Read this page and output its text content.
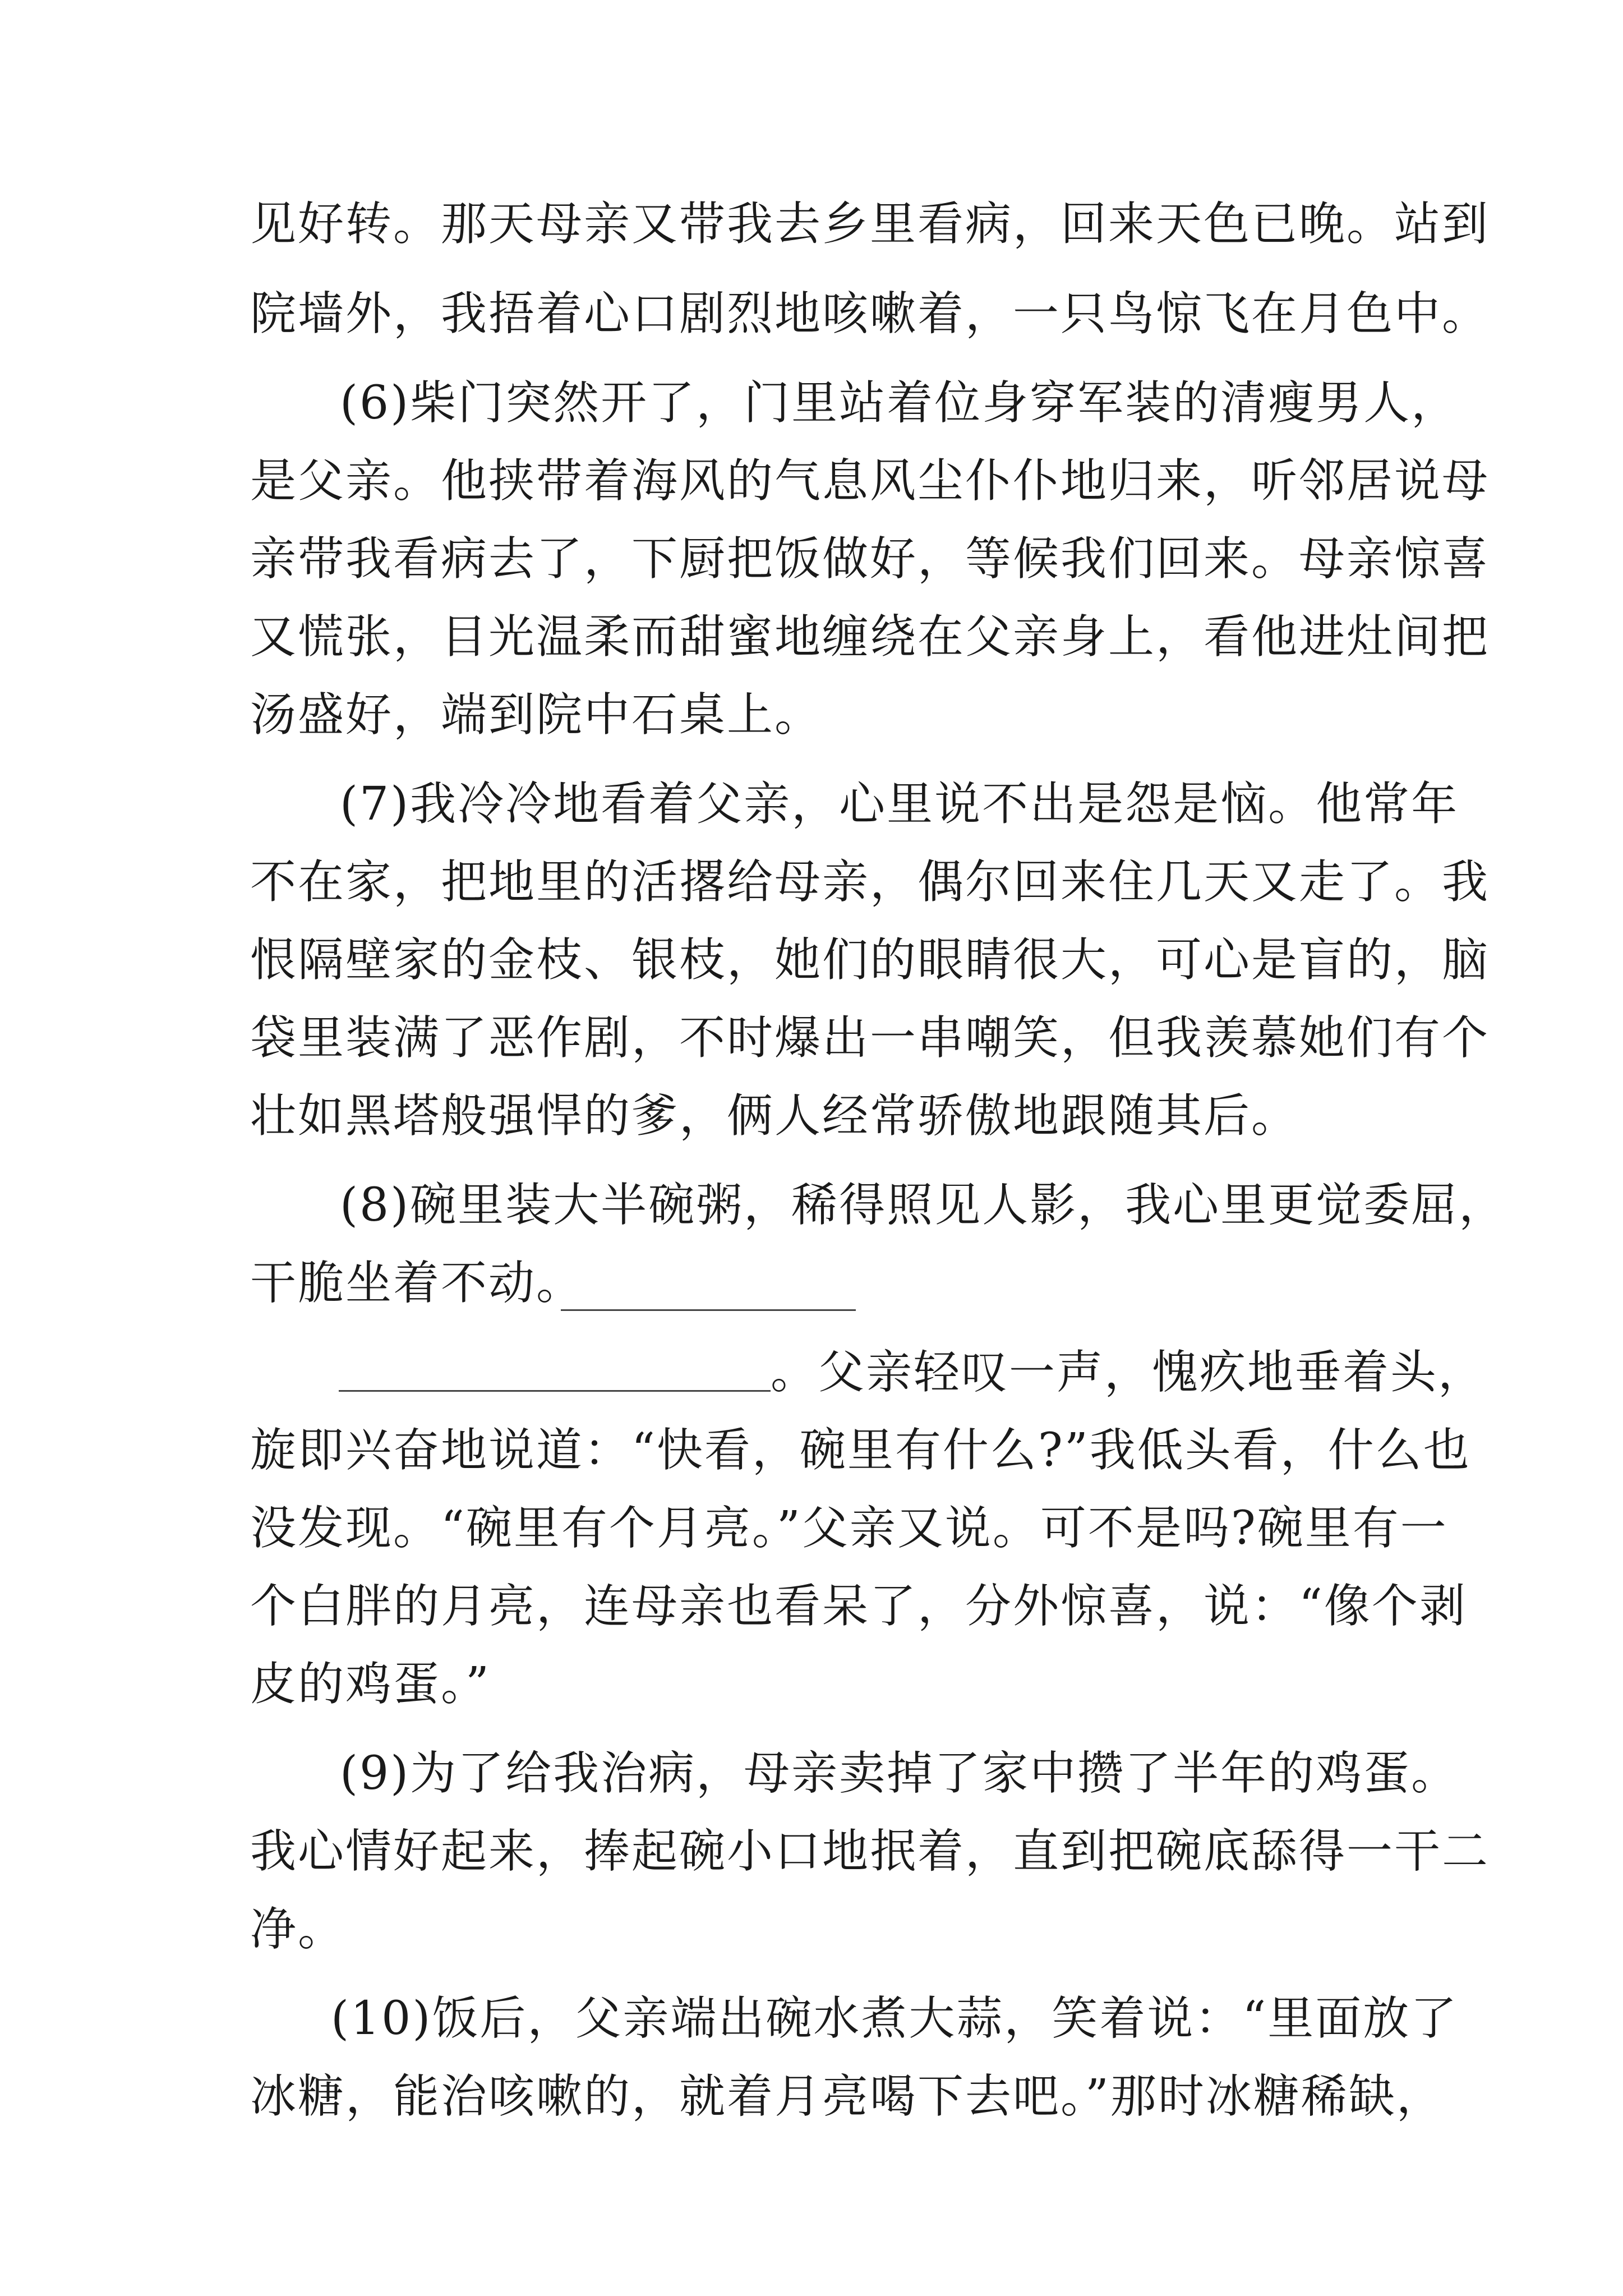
见好转。那天母亲又带我去乡里看病，回来天色已晚。站到
院墙外，我捂着心口剧烈地咳嗽着，一只鸟惊飞在月色中。
(6)柴门突然开了，门里站着位身穿军装的清瘦男人，
是父亲。他挟带着海风的气息风尘仆仆地归来，听邻居说母
亲带我看病去了，下厨把饭做好，等候我们回来。母亲惊喜
又慌张，目光温柔而甜蜜地缠绕在父亲身上，看他进灶间把
汤盛好，端到院中石桌上。
(7)我冷冷地看着父亲，心里说不出是怨是恼。他常年
不在家，把地里的活撂给母亲，偶尔回来住几天又走了。我
恨隔壁家的金枝、银枝，她们的眼睛很大，可心是盲的，脑
袋里装满了恶作剧，不时爆出一串嘲笑，但我羡慕她们有个
壮如黑塔般强悍的爹，俩人经常骄傲地跟随其后。
(8)碗里装大半碗粥，稀得照见人影，我心里更觉委屈，
干脆坐着不动。
。父亲轻叹一声，愧疚地垂着头，
旋即兴奋地说道：“快看，碗里有什么?”我低头看，什么也
没发现。“碗里有个月亮。”父亲又说。可不是吗?碗里有一
个白胖的月亮，连母亲也看呆了，分外惊喜，说：“像个剥
皮的鸡蛋。”
(9)为了给我治病，母亲卖掉了家中攒了半年的鸡蛋。
我心情好起来，捧起碗小口地抿着，直到把碗底舔得一干二
净。
(10)饭后，父亲端出碗水煮大蒜，笑着说：“里面放了
冰糖，能治咳嗽的，就着月亮喝下去吧。”那时冰糖稀缺，
